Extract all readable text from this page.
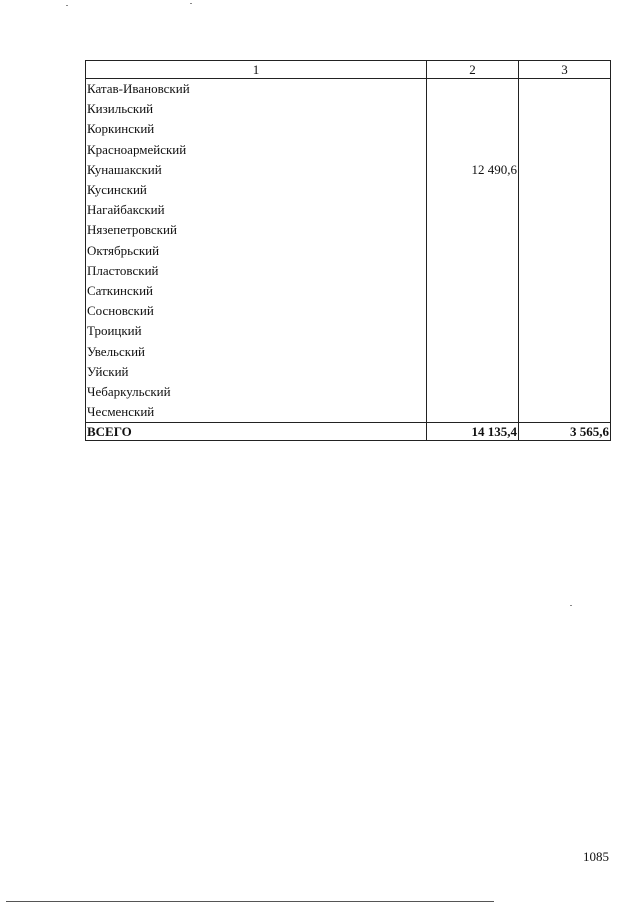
1	2	3
Катав-Ивановский		
Кизильский		
Коркинский		
Красноармейский		
Кунашакский	12 490,6	
Кусинский		
Нагайбакский		
Нязепетровский		
Октябрьский		
Пластовский		
Саткинский		
Сосновский		
Троицкий		
Увельский		
Уйский		
Чебаркульский		
Чесменский		
ВСЕГО	14 135,4	3 565,6
1085
